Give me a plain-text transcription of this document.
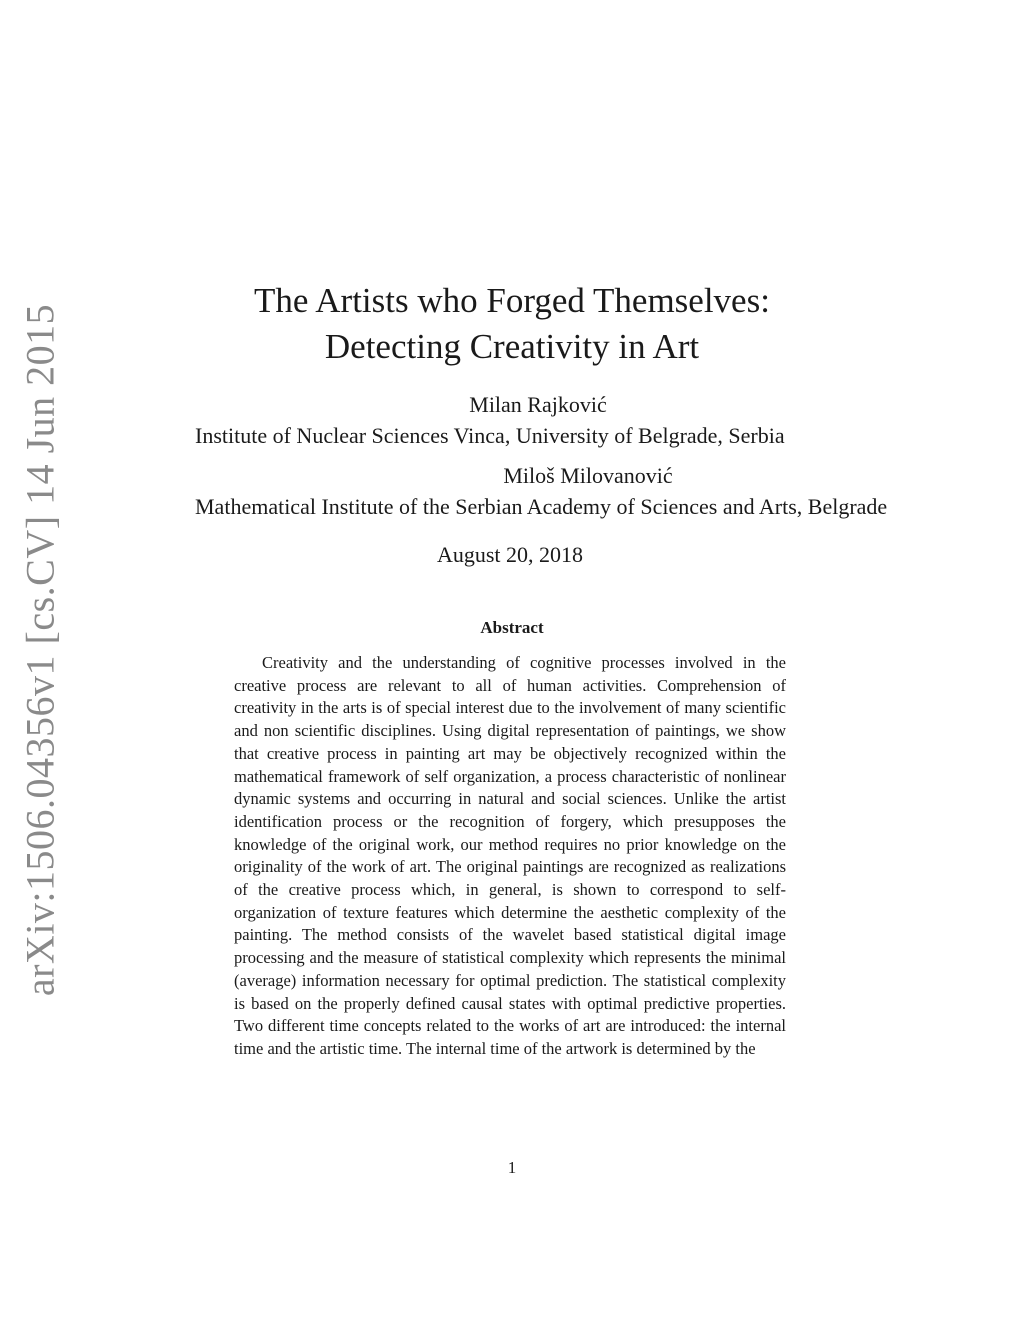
arXiv:1506.04356v1 [cs.CV] 14 Jun 2015
The Artists who Forged Themselves:
Detecting Creativity in Art
Milan Rajković
Institute of Nuclear Sciences Vinca, University of Belgrade, Serbia
Miloš Milovanović
Mathematical Institute of the Serbian Academy of Sciences and Arts, Belgrade
August 20, 2018
Abstract
Creativity and the understanding of cognitive processes involved in the creative process are relevant to all of human activities. Comprehension of creativity in the arts is of special interest due to the involvement of many scientific and non scientific disciplines. Using digital representation of paintings, we show that creative process in painting art may be objectively recognized within the mathematical framework of self organization, a process characteristic of nonlinear dynamic systems and occurring in natural and social sciences. Unlike the artist identification process or the recognition of forgery, which presupposes the knowledge of the original work, our method requires no prior knowledge on the originality of the work of art. The original paintings are recognized as realizations of the creative process which, in general, is shown to correspond to self-organization of texture features which determine the aesthetic complexity of the painting. The method consists of the wavelet based statistical digital image processing and the measure of statistical complexity which represents the minimal (average) information necessary for optimal prediction. The statistical complexity is based on the properly defined causal states with optimal predictive properties. Two different time concepts related to the works of art are introduced: the internal time and the artistic time. The internal time of the artwork is determined by the
1
